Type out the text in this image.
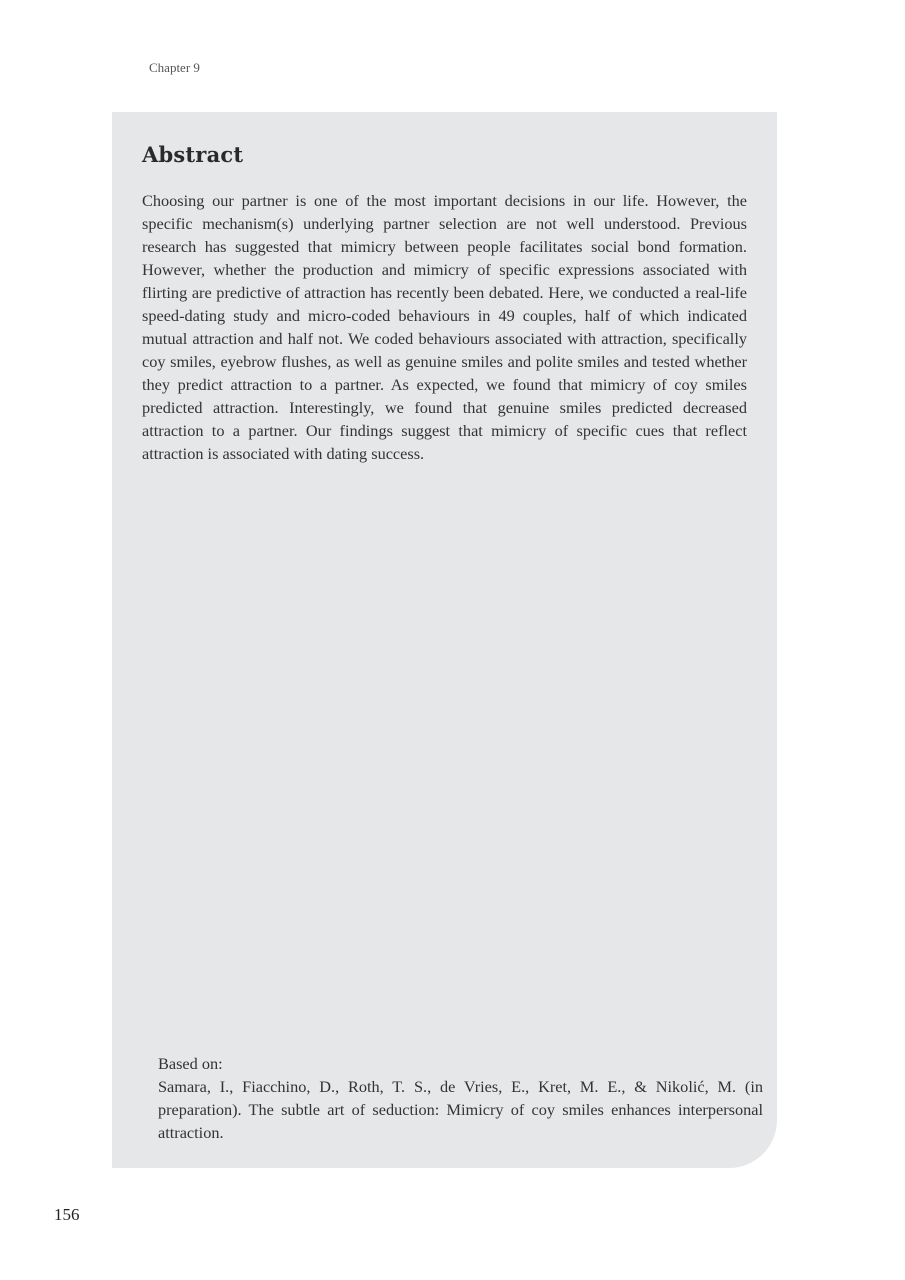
Chapter 9
Abstract

Choosing our partner is one of the most important decisions in our life. However, the specific mechanism(s) underlying partner selection are not well understood. Previous research has suggested that mimicry between people facilitates social bond formation. However, whether the production and mimicry of specific expressions associated with flirting are predictive of attraction has recently been debated. Here, we conducted a real-life speed-dating study and micro-coded behaviours in 49 couples, half of which indicated mutual attraction and half not. We coded behaviours associated with attraction, specifically coy smiles, eyebrow flushes, as well as genuine smiles and polite smiles and tested whether they predict attraction to a partner. As expected, we found that mimicry of coy smiles predicted attraction. Interestingly, we found that genuine smiles predicted decreased attraction to a partner. Our findings suggest that mimicry of specific cues that reflect attraction is associated with dating success.

Based on:
Samara, I., Fiacchino, D., Roth, T. S., de Vries, E., Kret, M. E., & Nikolić, M. (in preparation). The subtle art of seduction: Mimicry of coy smiles enhances interpersonal attraction.
156
